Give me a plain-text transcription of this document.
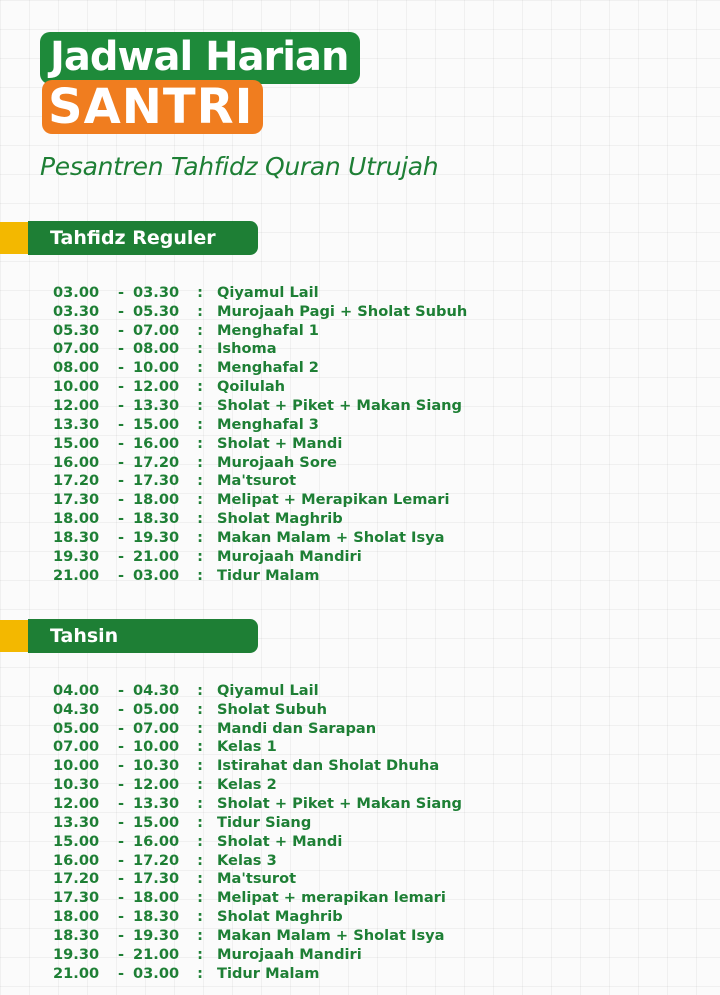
Jadwal Harian
SANTRI
Pesantren Tahfidz Quran Utrujah
Tahfidz Reguler
03.00	- 03.30	: Qiyamul Lail
03.30	- 05.30	: Murojaah Pagi + Sholat Subuh
05.30	- 07.00	: Menghafal 1
07.00	- 08.00	: Ishoma
08.00	- 10.00	: Menghafal 2
10.00	- 12.00	: Qoilulah
12.00	- 13.30	: Sholat + Piket + Makan Siang
13.30	- 15.00	: Menghafal 3
15.00	- 16.00	: Sholat + Mandi
16.00	- 17.20	: Murojaah Sore
17.20	- 17.30	: Ma'tsurot
17.30	- 18.00	: Melipat + Merapikan Lemari
18.00	- 18.30	: Sholat Maghrib
18.30	- 19.30	: Makan Malam + Sholat Isya
19.30	- 21.00	: Murojaah Mandiri
21.00	- 03.00	: Tidur Malam
Tahsin
04.00	- 04.30	: Qiyamul Lail
04.30	- 05.00	: Sholat Subuh
05.00	- 07.00	: Mandi dan Sarapan
07.00	- 10.00	: Kelas 1
10.00	- 10.30	: Istirahat dan Sholat Dhuha
10.30	- 12.00	: Kelas 2
12.00	- 13.30	: Sholat + Piket + Makan Siang
13.30	- 15.00	: Tidur Siang
15.00	- 16.00	: Sholat + Mandi
16.00	- 17.20	: Kelas 3
17.20	- 17.30	: Ma'tsurot
17.30	- 18.00	: Melipat + merapikan lemari
18.00	- 18.30	: Sholat Maghrib
18.30	- 19.30	: Makan Malam + Sholat Isya
19.30	- 21.00	: Murojaah Mandiri
21.00	- 03.00	: Tidur Malam
